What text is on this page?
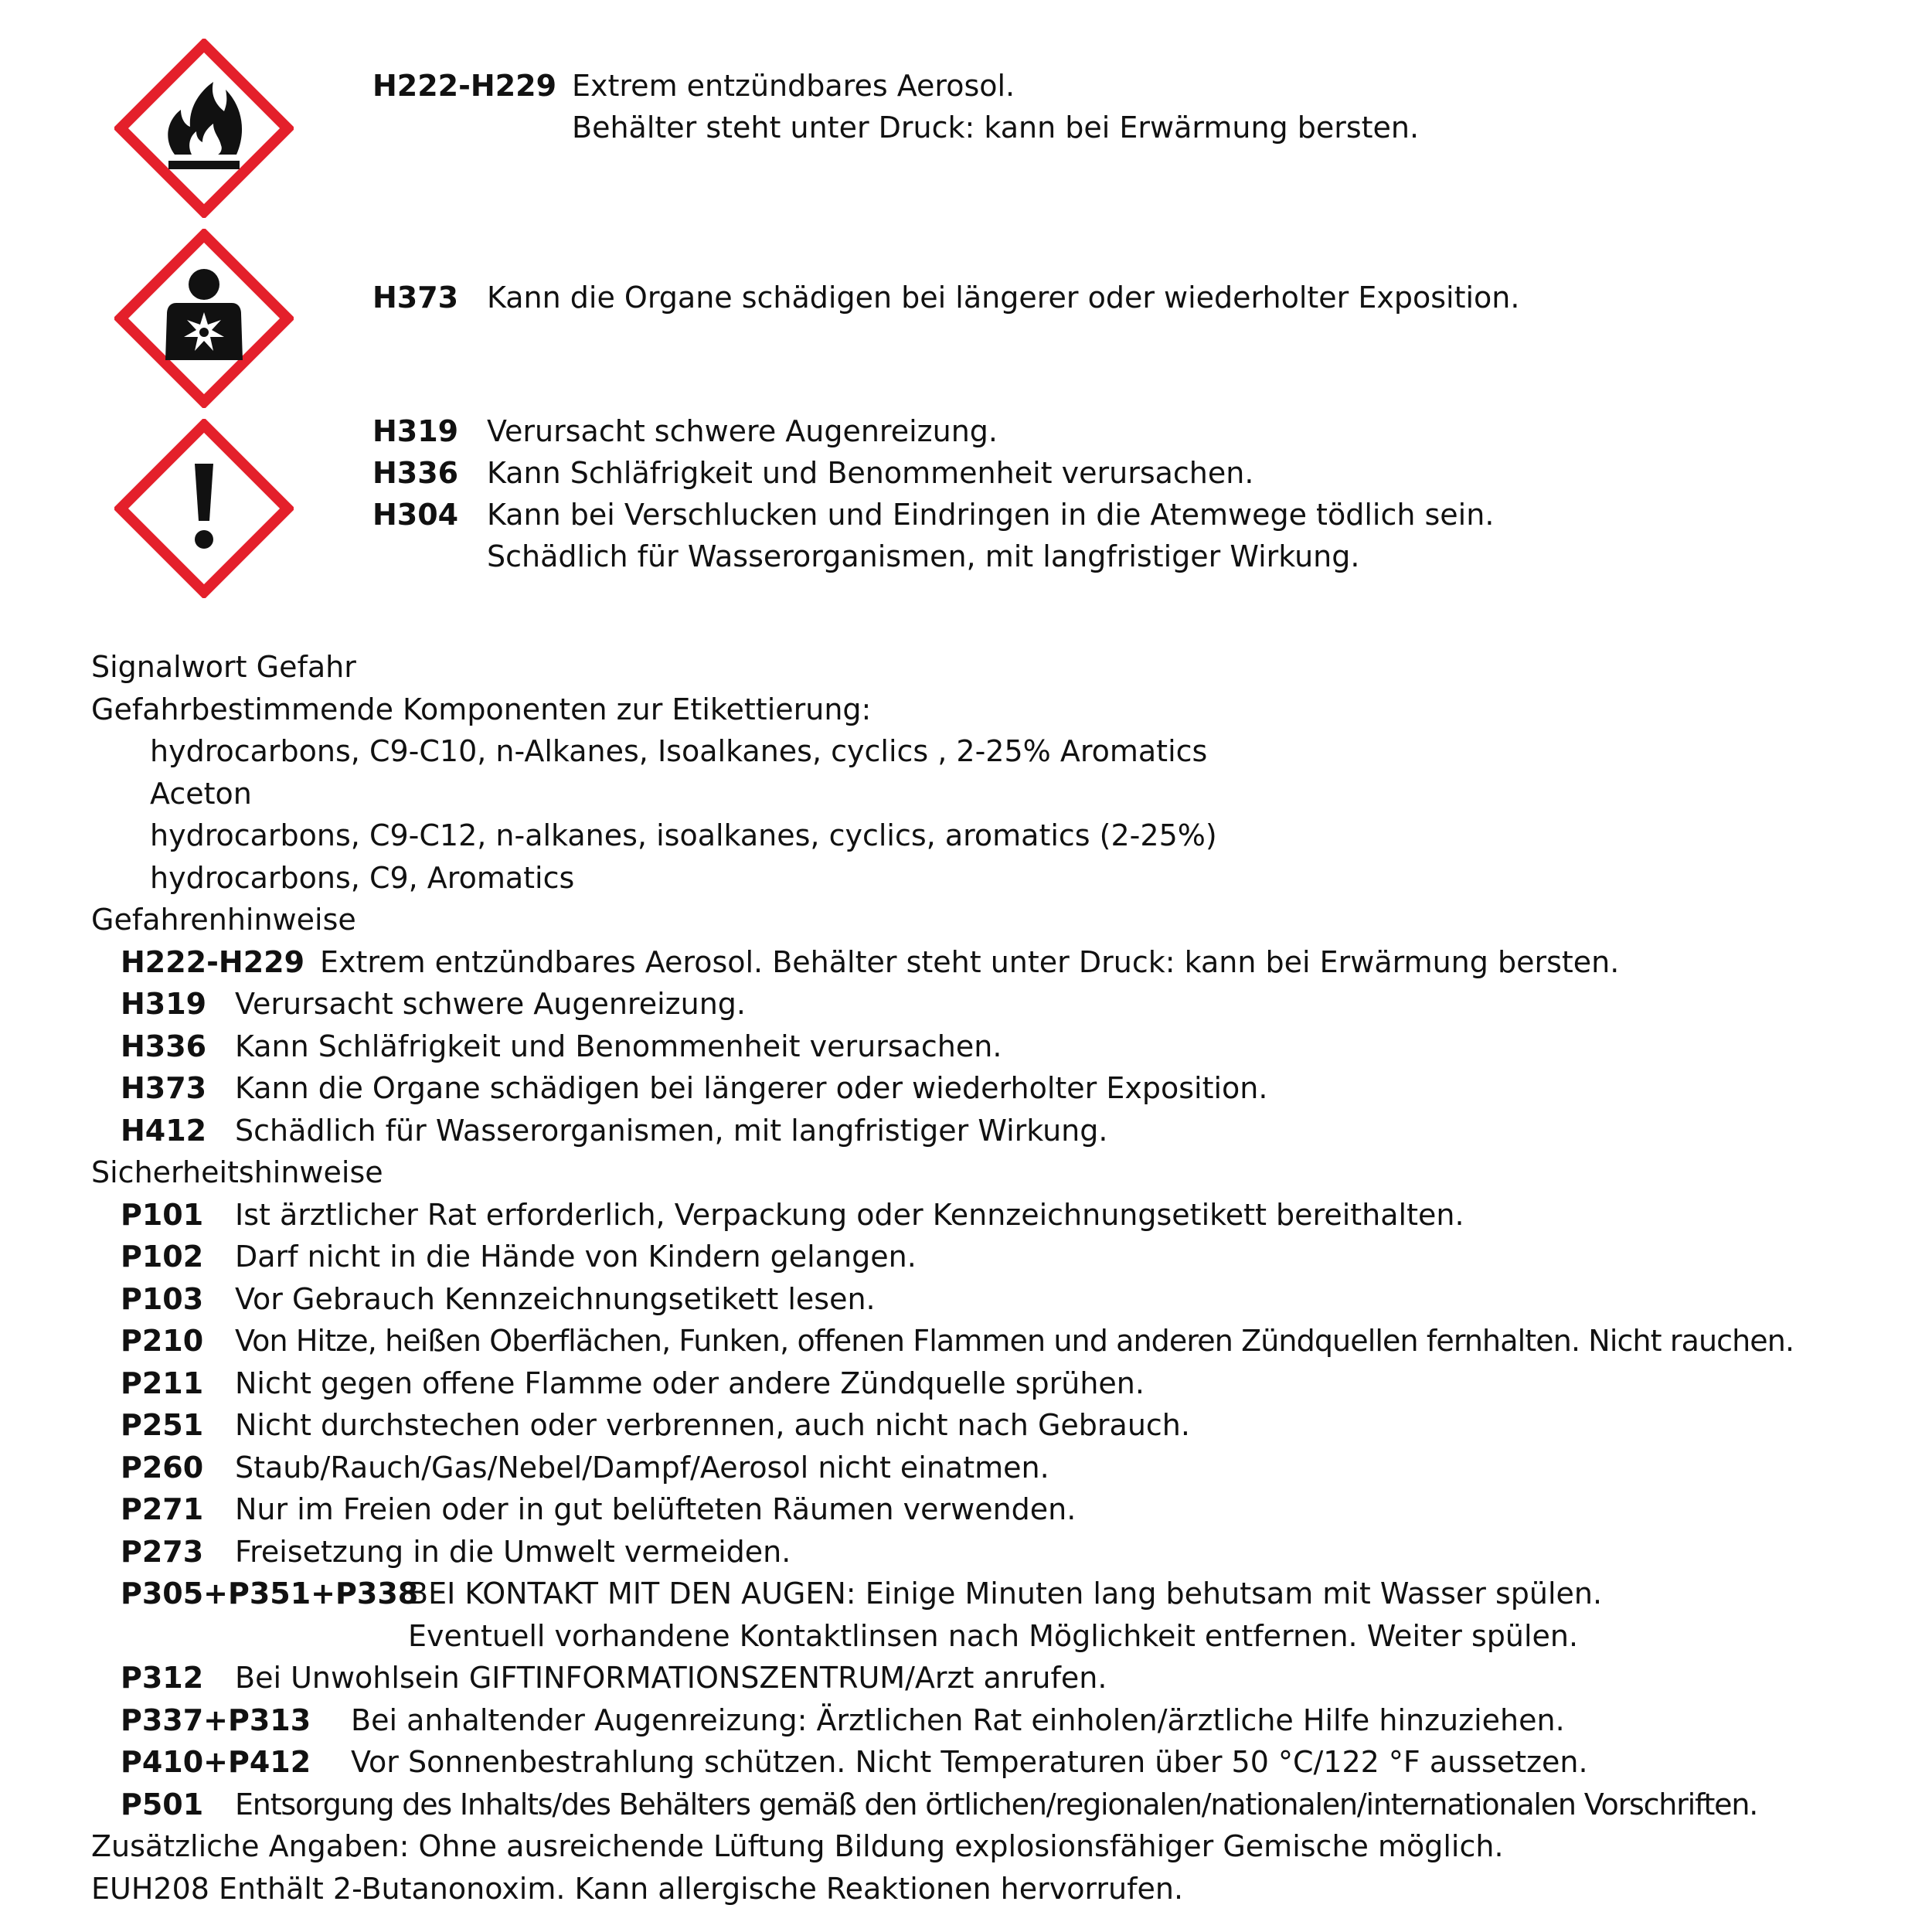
H222-H229 Extrem entzündbares Aerosol.
Behälter steht unter Druck: kann bei Erwärmung bersten.
H373 Kann die Organe schädigen bei längerer oder wiederholter Exposition.
H319 Verursacht schwere Augenreizung.
H336 Kann Schläfrigkeit und Benommenheit verursachen.
H304 Kann bei Verschlucken und Eindringen in die Atemwege tödlich sein.
Schädlich für Wasserorganismen, mit langfristiger Wirkung.
Signalwort Gefahr
Gefahrbestimmende Komponenten zur Etikettierung:
hydrocarbons, C9-C10, n-Alkanes, Isoalkanes, cyclics , 2-25% Aromatics
Aceton
hydrocarbons, C9-C12, n-alkanes, isoalkanes, cyclics, aromatics (2-25%)
hydrocarbons, C9, Aromatics
Gefahrenhinweise
H222-H229 Extrem entzündbares Aerosol. Behälter steht unter Druck: kann bei Erwärmung bersten.
H319 Verursacht schwere Augenreizung.
H336 Kann Schläfrigkeit und Benommenheit verursachen.
H373 Kann die Organe schädigen bei längerer oder wiederholter Exposition.
H412 Schädlich für Wasserorganismen, mit langfristiger Wirkung.
Sicherheitshinweise
P101 Ist ärztlicher Rat erforderlich, Verpackung oder Kennzeichnungsetikett bereithalten.
P102 Darf nicht in die Hände von Kindern gelangen.
P103 Vor Gebrauch Kennzeichnungsetikett lesen.
P210 Von Hitze, heißen Oberflächen, Funken, offenen Flammen und anderen Zündquellen fernhalten. Nicht rauchen.
P211 Nicht gegen offene Flamme oder andere Zündquelle sprühen.
P251 Nicht durchstechen oder verbrennen, auch nicht nach Gebrauch.
P260 Staub/Rauch/Gas/Nebel/Dampf/Aerosol nicht einatmen.
P271 Nur im Freien oder in gut belüfteten Räumen verwenden.
P273 Freisetzung in die Umwelt vermeiden.
P305+P351+P338
BEI KONTAKT MIT DEN AUGEN: Einige Minuten lang behutsam mit Wasser spülen.
Eventuell vorhandene Kontaktlinsen nach Möglichkeit entfernen. Weiter spülen.
P312 Bei Unwohlsein GIFTINFORMATIONSZENTRUM/Arzt anrufen.
P337+P313 Bei anhaltender Augenreizung: Ärztlichen Rat einholen/ärztliche Hilfe hinzuziehen.
P410+P412 Vor Sonnenbestrahlung schützen. Nicht Temperaturen über 50 °C/122 °F aussetzen.
P501 Entsorgung des Inhalts/des Behälters gemäß den örtlichen/regionalen/nationalen/internationalen Vorschriften.
Zusätzliche Angaben: Ohne ausreichende Lüftung Bildung explosionsfähiger Gemische möglich.
EUH208 Enthält 2-Butanonoxim. Kann allergische Reaktionen hervorrufen.
